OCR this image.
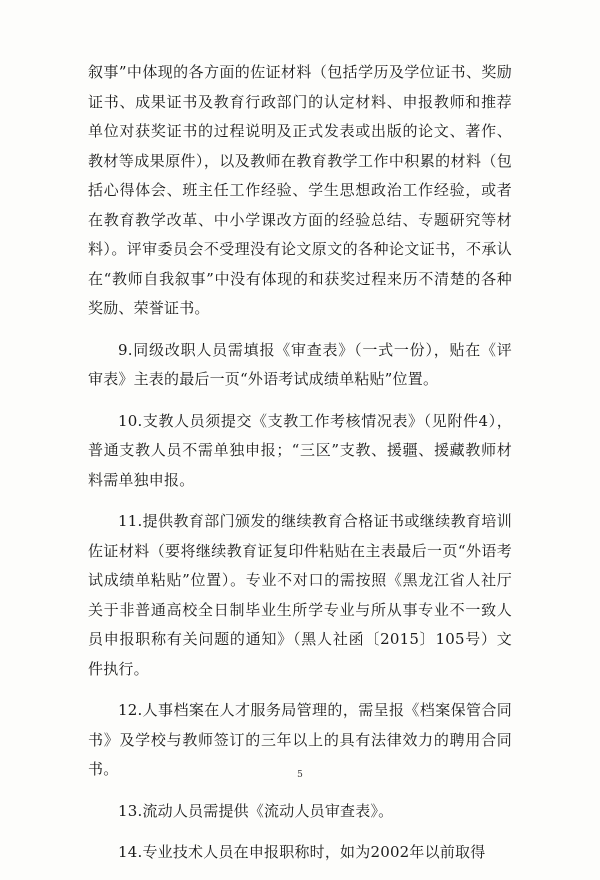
叙事”中体现的各方面的佐证材料（包括学历及学位证书、奖励证书、成果证书及教育行政部门的认定材料、申报教师和推荐单位对获奖证书的过程说明及正式发表或出版的论文、著作、教材等成果原件），以及教师在教育教学工作中积累的材料（包括心得体会、班主任工作经验、学生思想政治工作经验，或者在教育教学改革、中小学课改方面的经验总结、专题研究等材料）。评审委员会不受理没有论文原文的各种论文证书，不承认在“教师自我叙事”中没有体现的和获奖过程来历不清楚的各种奖励、荣誉证书。

9.同级改职人员需填报《审查表》（一式一份），贴在《评审表》主表的最后一页“外语考试成绩单粘贴”位置。

10.支教人员须提交《支教工作考核情况表》（见附件4），普通支教人员不需单独申报；“三区”支教、援疆、援藏教师材料需单独申报。

11.提供教育部门颁发的继续教育合格证书或继续教育培训佐证材料（要将继续教育证复印件粘贴在主表最后一页“外语考试成绩单粘贴”位置）。专业不对口的需按照《黑龙江省人社厅关于非普通高校全日制毕业生所学专业与所从事专业不一致人员申报职称有关问题的通知》（黑人社函〔2015〕105号）文件执行。

12.人事档案在人才服务局管理的，需呈报《档案保管合同书》及学校与教师签订的三年以上的具有法律效力的聘用合同书。

13.流动人员需提供《流动人员审查表》。

14.专业技术人员在申报职称时，如为2002年以前取得

5
